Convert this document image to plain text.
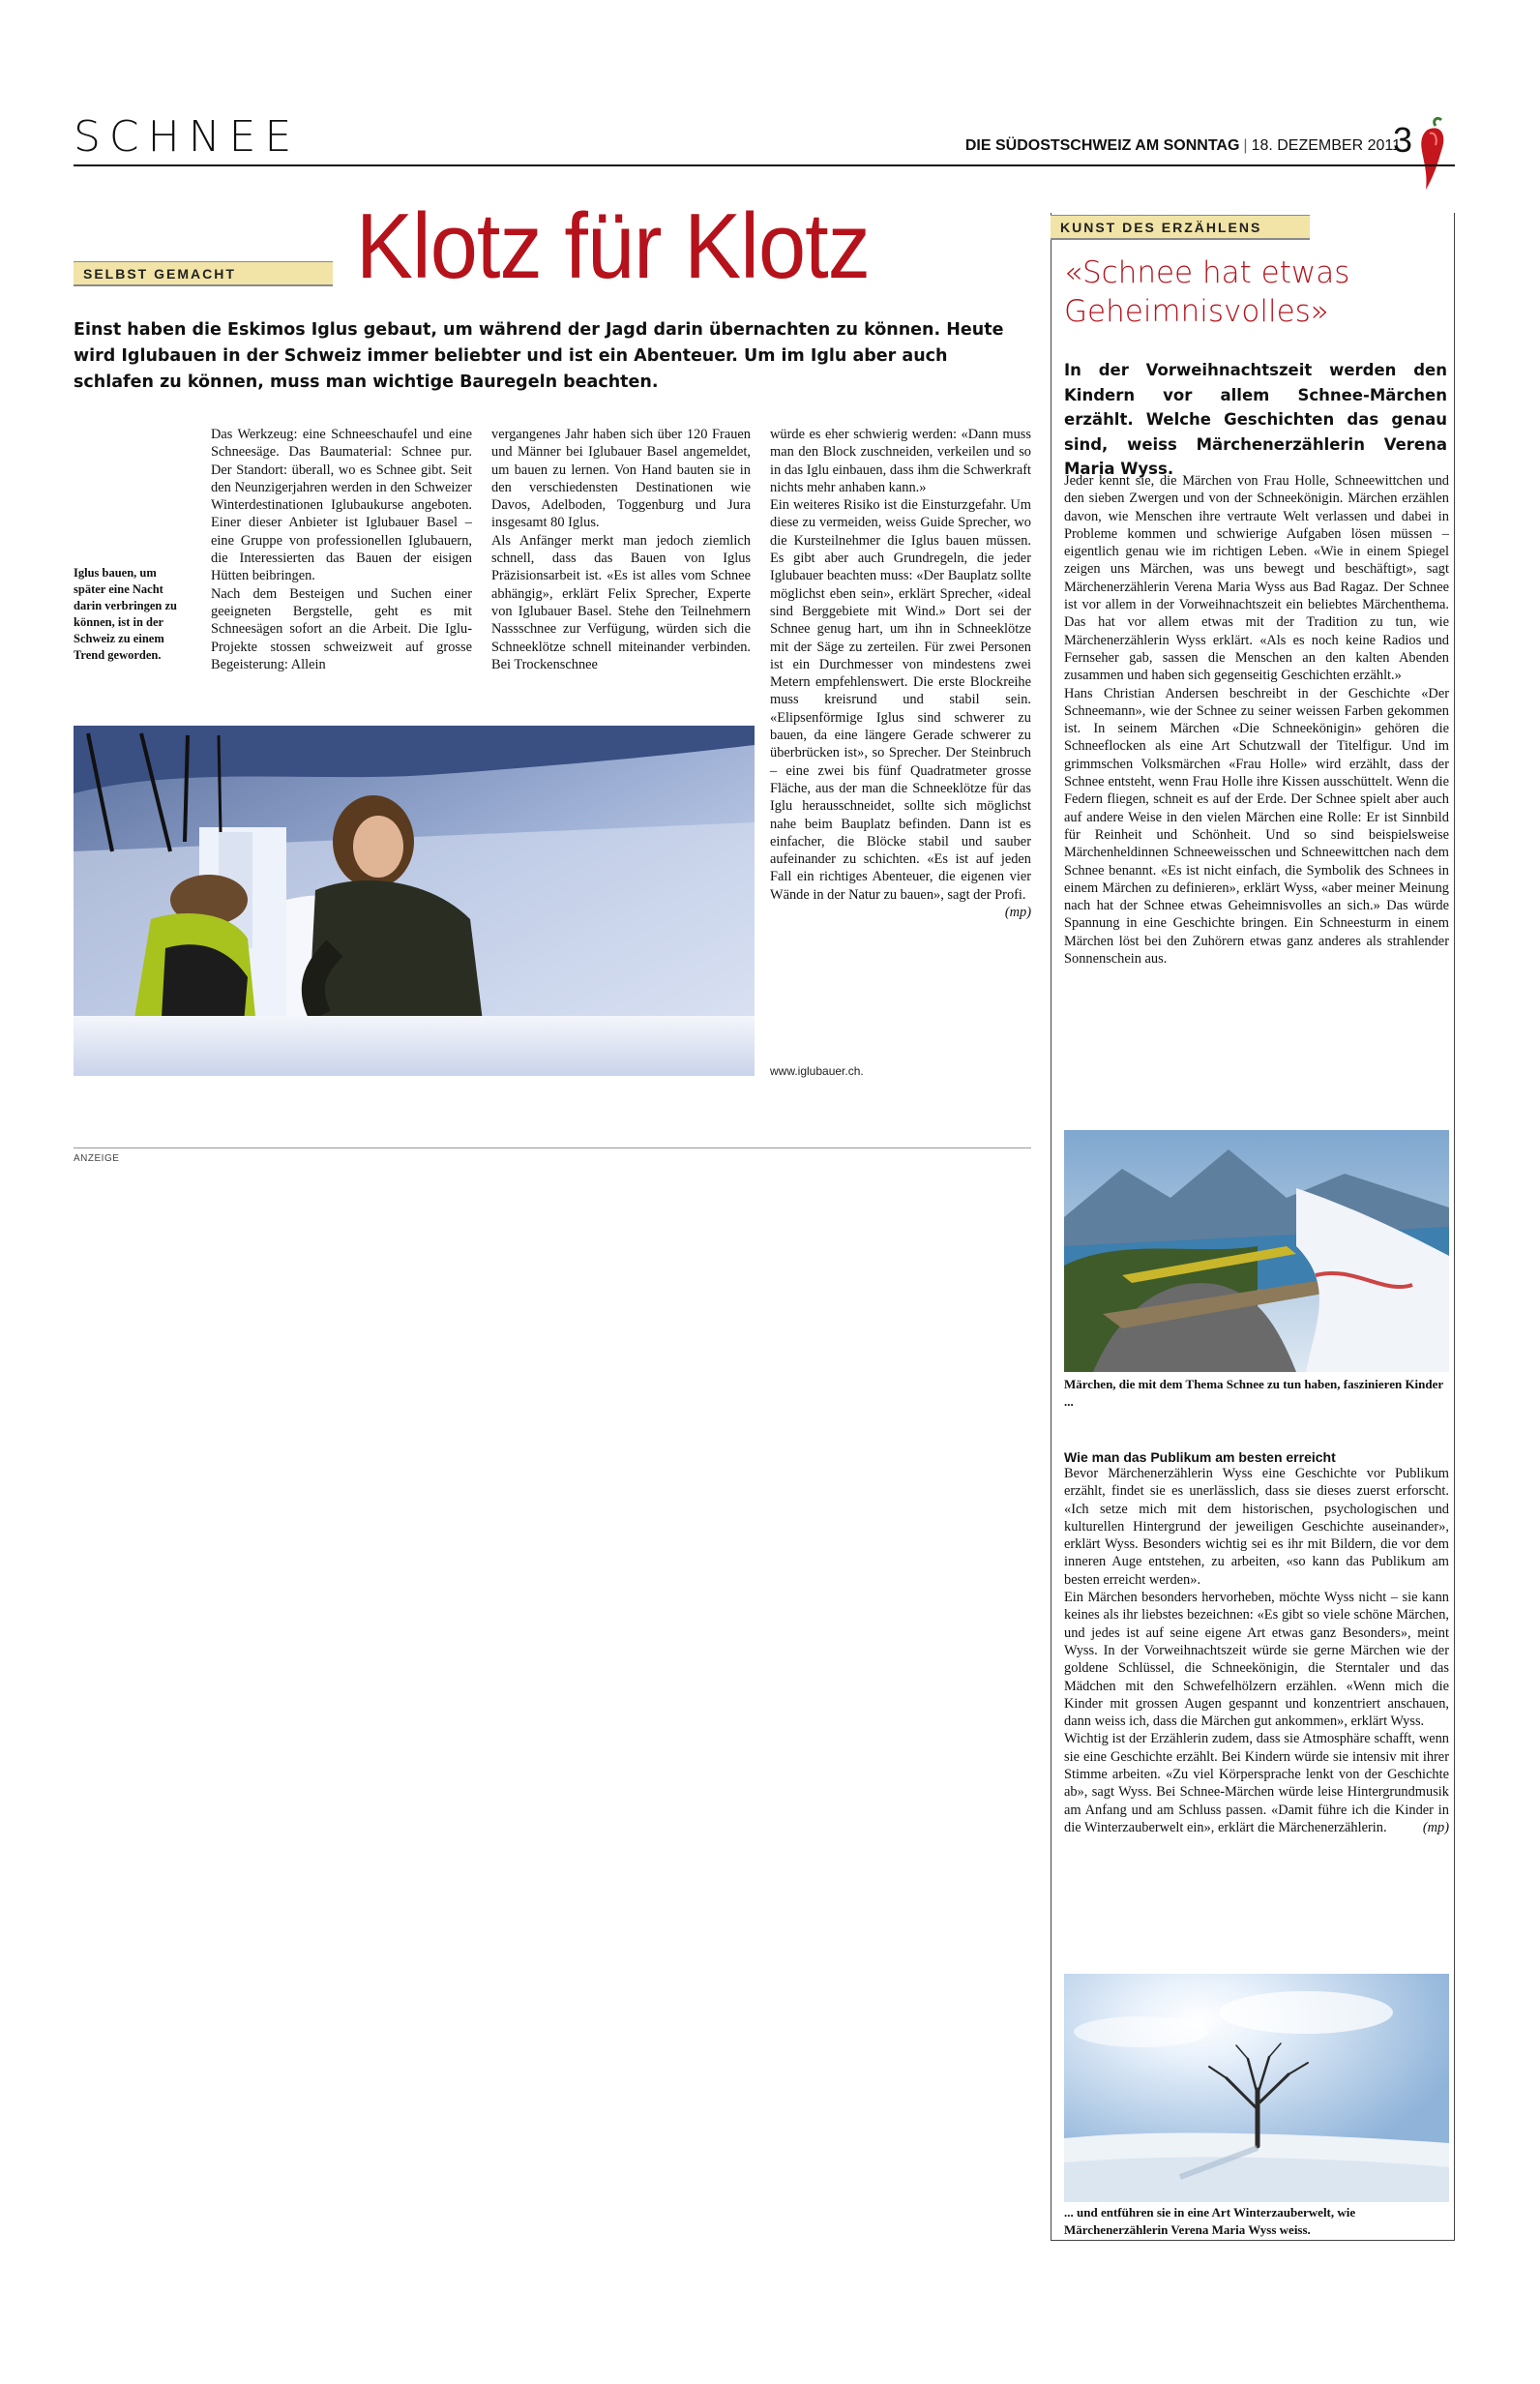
SCHNEE	DIE SÜDOSTSCHWEIZ AM SONNTAG | 18. DEZEMBER 2011
3
SELBST GEMACHT	Klotz für Klotz
Einst haben die Eskimos Iglus gebaut, um während der Jagd darin übernachten zu können. Heute wird Iglubauen in der Schweiz immer beliebter und ist ein Abenteuer. Um im Iglu aber auch schlafen zu können, muss man wichtige Bauregeln beachten.
Iglus bauen, um später eine Nacht darin verbringen zu können, ist in der Schweiz zu einem Trend geworden.

Das Werkzeug: eine Schneeschaufel und eine Schneesäge. Das Baumaterial: Schnee pur. Der Standort: überall, wo es Schnee gibt. Seit den Neunzigerjahren werden in den Schweizer Winterdestinationen Iglubaukurse angeboten. Einer dieser Anbieter ist Iglubauer Basel – eine Gruppe von professionellen Iglubauern, die Interessierten das Bauen der eisigen Hütten beibringen.

Nach dem Besteigen und Suchen einer geeigneten Bergstelle, geht es mit Schneesägen sofort an die Arbeit. Die Iglu-Projekte stossen schweizweit auf grosse Begeisterung: Allein

vergangenes Jahr haben sich über 120 Frauen und Männer bei Iglubauer Basel angemeldet, um bauen zu lernen. Von Hand bauten sie in den verschiedensten Destinationen wie Davos, Adelboden, Toggenburg und Jura insgesamt 80 Iglus.

Als Anfänger merkt man jedoch ziemlich schnell, dass das Bauen von Iglus Präzisionsarbeit ist. «Es ist alles vom Schnee abhängig», erklärt Felix Sprecher, Experte von Iglubauer Basel. Stehe den Teilnehmern Nassschnee zur Verfügung, würden sich die Schneeklötze schnell miteinander verbinden. Bei Trockenschnee

würde es eher schwierig werden: «Dann muss man den Block zuschneiden, verkeilen und so in das Iglu einbauen, dass ihm die Schwerkraft nichts mehr anhaben kann.»

Ein weiteres Risiko ist die Einsturzgefahr. Um diese zu vermeiden, weiss Guide Sprecher, wo die Kursteilnehmer die Iglus bauen müssen. Es gibt aber auch Grundregeln, die jeder Iglubauer beachten muss: «Der Bauplatz sollte möglichst eben sein», erklärt Sprecher, «ideal sind Berggebiete mit Wind.» Dort sei der Schnee genug hart, um ihn in Schneeklötze mit der Säge zu zerteilen. Für zwei Personen ist ein Durchmesser von mindestens zwei Metern empfehlenswert. Die erste Blockreihe muss kreisrund und stabil sein. «Elipsenförmige Iglus sind schwerer zu bauen, da eine längere Gerade schwerer zu überbrücken ist», so Sprecher. Der Steinbruch – eine zwei bis fünf Quadratmeter grosse Fläche, aus der man die Schneeklötze für das Iglu herausschneidet, sollte sich möglichst nahe beim Bauplatz befinden. Dann ist es einfacher, die Blöcke stabil und sauber aufeinander zu schichten. «Es ist auf jeden Fall ein richtiges Abenteuer, die eigenen vier Wände in der Natur zu bauen», sagt der Profi.
(mp)

www.iglubauer.ch.
ANZEIGE
KUNST DES ERZÄHLENS
«Schnee hat etwas Geheimnisvolles»
In der Vorweihnachtszeit werden den Kindern vor allem Schnee-Märchen erzählt. Welche Geschichten das genau sind, weiss Märchenerzählerin Verena Maria Wyss.

Jeder kennt sie, die Märchen von Frau Holle, Schneewittchen und den sieben Zwergen und von der Schneekönigin. Märchen erzählen davon, wie Menschen ihre vertraute Welt verlassen und dabei in Probleme kommen und schwierige Aufgaben lösen müssen – eigentlich genau wie im richtigen Leben. «Wie in einem Spiegel zeigen uns Märchen, was uns bewegt und beschäftigt», sagt Märchenerzählerin Verena Maria Wyss aus Bad Ragaz. Der Schnee ist vor allem in der Vorweihnachtszeit ein beliebtes Märchenthema. Das hat vor allem etwas mit der Tradition zu tun, wie Märchenerzählerin Wyss erklärt. «Als es noch keine Radios und Fernseher gab, sassen die Menschen an den kalten Abenden zusammen und haben sich gegenseitig Geschichten erzählt.»

Hans Christian Andersen beschreibt in der Geschichte «Der Schneemann», wie der Schnee zu seiner weissen Farben gekommen ist. In seinem Märchen «Die Schneekönigin» gehören die Schneeflocken als eine Art Schutzwall der Titelfigur. Und im grimmschen Volksmärchen «Frau Holle» wird erzählt, dass der Schnee entsteht, wenn Frau Holle ihre Kissen ausschüttelt. Wenn die Federn fliegen, schneit es auf der Erde. Der Schnee spielt aber auch auf andere Weise in den vielen Märchen eine Rolle: Er ist Sinnbild für Reinheit und Schönheit. Und so sind beispielsweise Märchenheldinnen Schneeweisschen und Schneewittchen nach dem Schnee benannt. «Es ist nicht einfach, die Symbolik des Schnees in einem Märchen zu definieren», erklärt Wyss, «aber meiner Meinung nach hat der Schnee etwas Geheimnisvolles an sich.» Das würde Spannung in eine Geschichte bringen. Ein Schneesturm in einem Märchen löst bei den Zuhörern etwas ganz anderes als strahlender Sonnenschein aus.

Märchen, die mit dem Thema Schnee zu tun haben, faszinieren Kinder ...
Wie man das Publikum am besten erreicht

Bevor Märchenerzählerin Wyss eine Geschichte vor Publikum erzählt, findet sie es unerlässlich, dass sie dieses zuerst erforscht. «Ich setze mich mit dem historischen, psychologischen und kulturellen Hintergrund der jeweiligen Geschichte auseinander», erklärt Wyss. Besonders wichtig sei es ihr mit Bildern, die vor dem inneren Auge entstehen, zu arbeiten, «so kann das Publikum am besten erreicht werden».

Ein Märchen besonders hervorheben, möchte Wyss nicht – sie kann keines als ihr liebstes bezeichnen: «Es gibt so viele schöne Märchen, und jedes ist auf seine eigene Art etwas ganz Besonders», meint Wyss. In der Vorweihnachtszeit würde sie gerne Märchen wie der goldene Schlüssel, die Schneekönigin, die Sterntaler und das Mädchen mit den Schwefelhölzern erzählen. «Wenn mich die Kinder mit grossen Augen gespannt und konzentriert anschauen, dann weiss ich, dass die Märchen gut ankommen», erklärt Wyss.

Wichtig ist der Erzählerin zudem, dass sie Atmosphäre schafft, wenn sie eine Geschichte erzählt. Bei Kindern würde sie intensiv mit ihrer Stimme arbeiten. «Zu viel Körpersprache lenkt von der Geschichte ab», sagt Wyss. Bei Schnee-Märchen würde leise Hintergrundmusik am Anfang und am Schluss passen. «Damit führe ich die Kinder in die Winterzauberwelt ein», erklärt die Märchenerzählerin.	(mp)

... und entführen sie in eine Art Winterzauberwelt, wie Märchenerzählerin Verena Maria Wyss weiss.
